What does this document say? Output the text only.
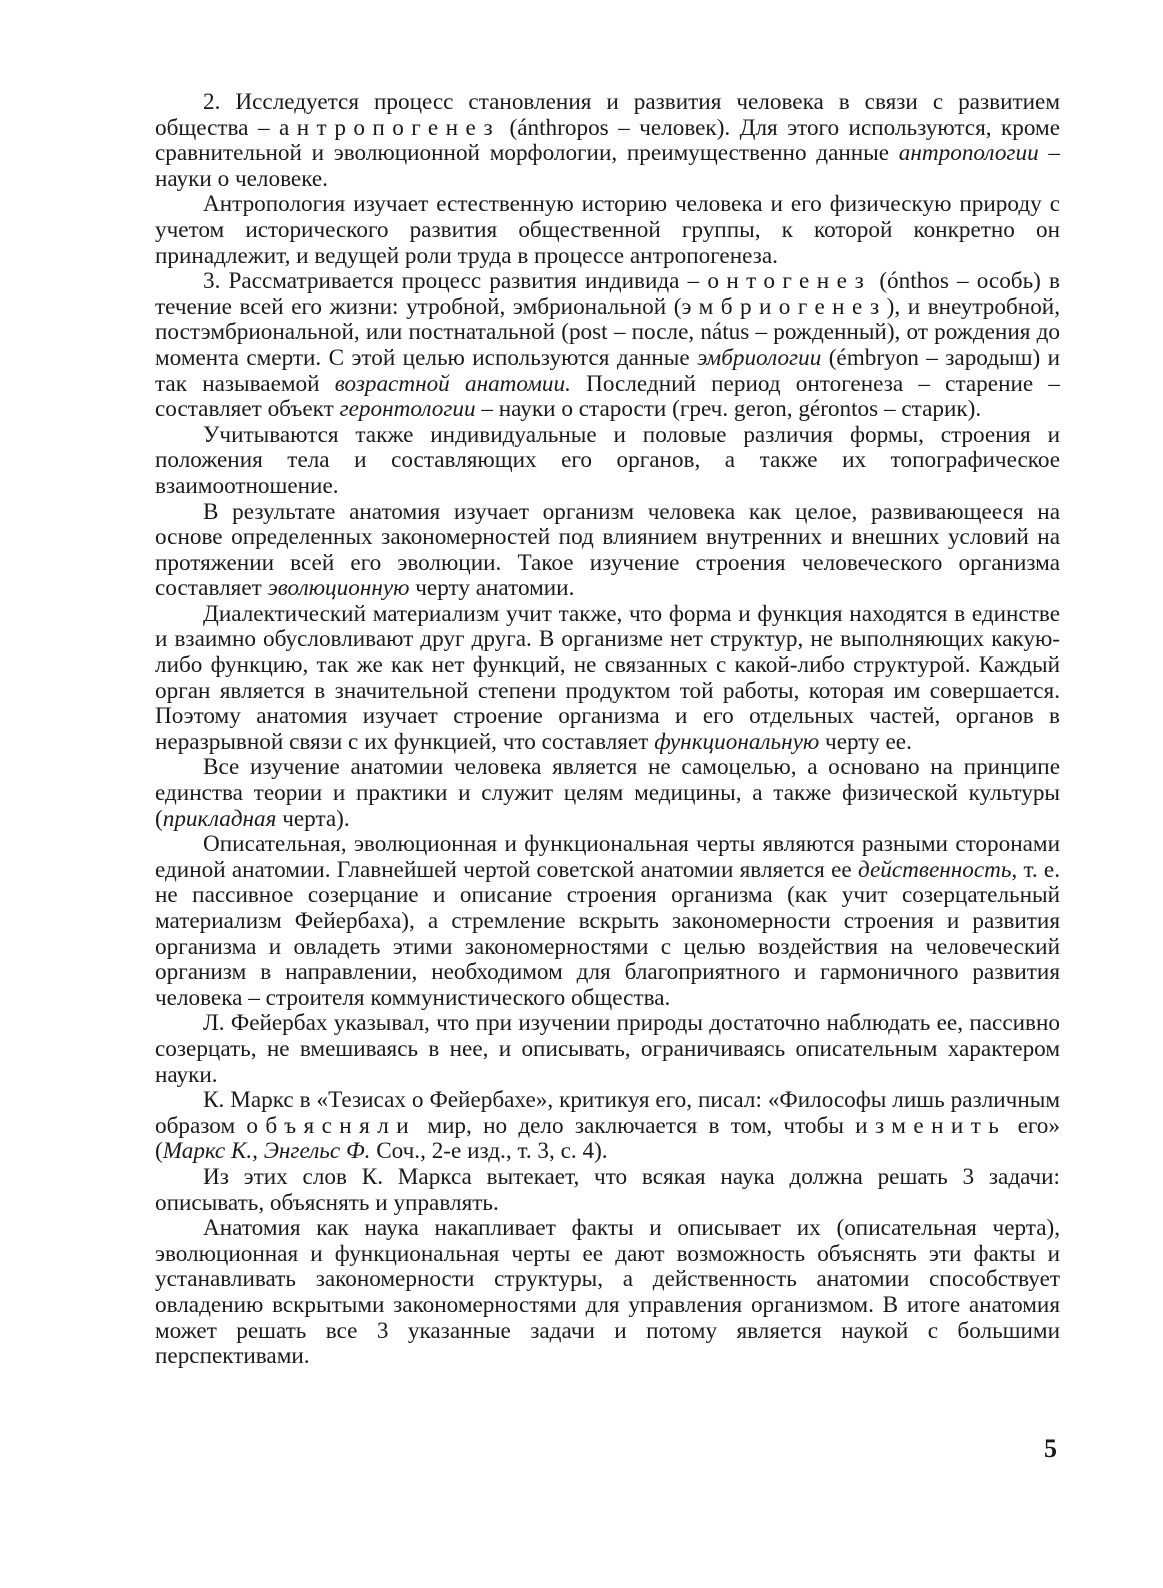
2. Исследуется процесс становления и развития человека в связи с развитием общества – антропогенез (ánthropos – человек). Для этого используются, кроме сравнительной и эволюционной морфологии, преимущественно данные антропологии – науки о человеке.

Антропология изучает естественную историю человека и его физическую природу с учетом исторического развития общественной группы, к которой конкретно он принадлежит, и ведущей роли труда в процессе антропогенеза.

3. Рассматривается процесс развития индивида – онтогенез (ónthos – особь) в течение всей его жизни: утробной, эмбриональной (эмбриогенез), и внеутробной, постэмбриональной, или постнатальной (post – после, nátus – рожденный), от рождения до момента смерти. С этой целью используются данные эмбриологии (émbryon – зародыш) и так называемой возрастной анатомии. Последний период онтогенеза – старение – составляет объект геронтологии – науки о старости (греч. geron, gérontos – старик).

Учитываются также индивидуальные и половые различия формы, строения и положения тела и составляющих его органов, а также их топографическое взаимоотношение.

В результате анатомия изучает организм человека как целое, развивающееся на основе определенных закономерностей под влиянием внутренних и внешних условий на протяжении всей его эволюции. Такое изучение строения человеческого организма составляет эволюционную черту анатомии.

Диалектический материализм учит также, что форма и функция находятся в единстве и взаимно обусловливают друг друга. В организме нет структур, не выполняющих какую-либо функцию, так же как нет функций, не связанных с какой-либо структурой. Каждый орган является в значительной степени продуктом той работы, которая им совершается. Поэтому анатомия изучает строение организма и его отдельных частей, органов в неразрывной связи с их функцией, что составляет функциональную черту ее.

Все изучение анатомии человека является не самоцелью, а основано на принципе единства теории и практики и служит целям медицины, а также физической культуры (прикладная черта).

Описательная, эволюционная и функциональная черты являются разными сторонами единой анатомии. Главнейшей чертой советской анатомии является ее действенность, т. е. не пассивное созерцание и описание строения организма (как учит созерцательный материализм Фейербаха), а стремление вскрыть закономерности строения и развития организма и овладеть этими закономерностями с целью воздействия на человеческий организм в направлении, необходимом для благоприятного и гармоничного развития человека – строителя коммунистического общества.

Л. Фейербах указывал, что при изучении природы достаточно наблюдать ее, пассивно созерцать, не вмешиваясь в нее, и описывать, ограничиваясь описательным характером науки.

К. Маркс в «Тезисах о Фейербахе», критикуя его, писал: «Философы лишь различным образом объясняли мир, но дело заключается в том, чтобы изменить его» (Маркс К., Энгельс Ф. Соч., 2-е изд., т. 3, с. 4).

Из этих слов К. Маркса вытекает, что всякая наука должна решать 3 задачи: описывать, объяснять и управлять.

Анатомия как наука накапливает факты и описывает их (описательная черта), эволюционная и функциональная черты ее дают возможность объяснять эти факты и устанавливать закономерности структуры, а действенность анатомии способствует овладению вскрытыми закономерностями для управления организмом. В итоге анатомия может решать все 3 указанные задачи и потому является наукой с большими перспективами.

5
